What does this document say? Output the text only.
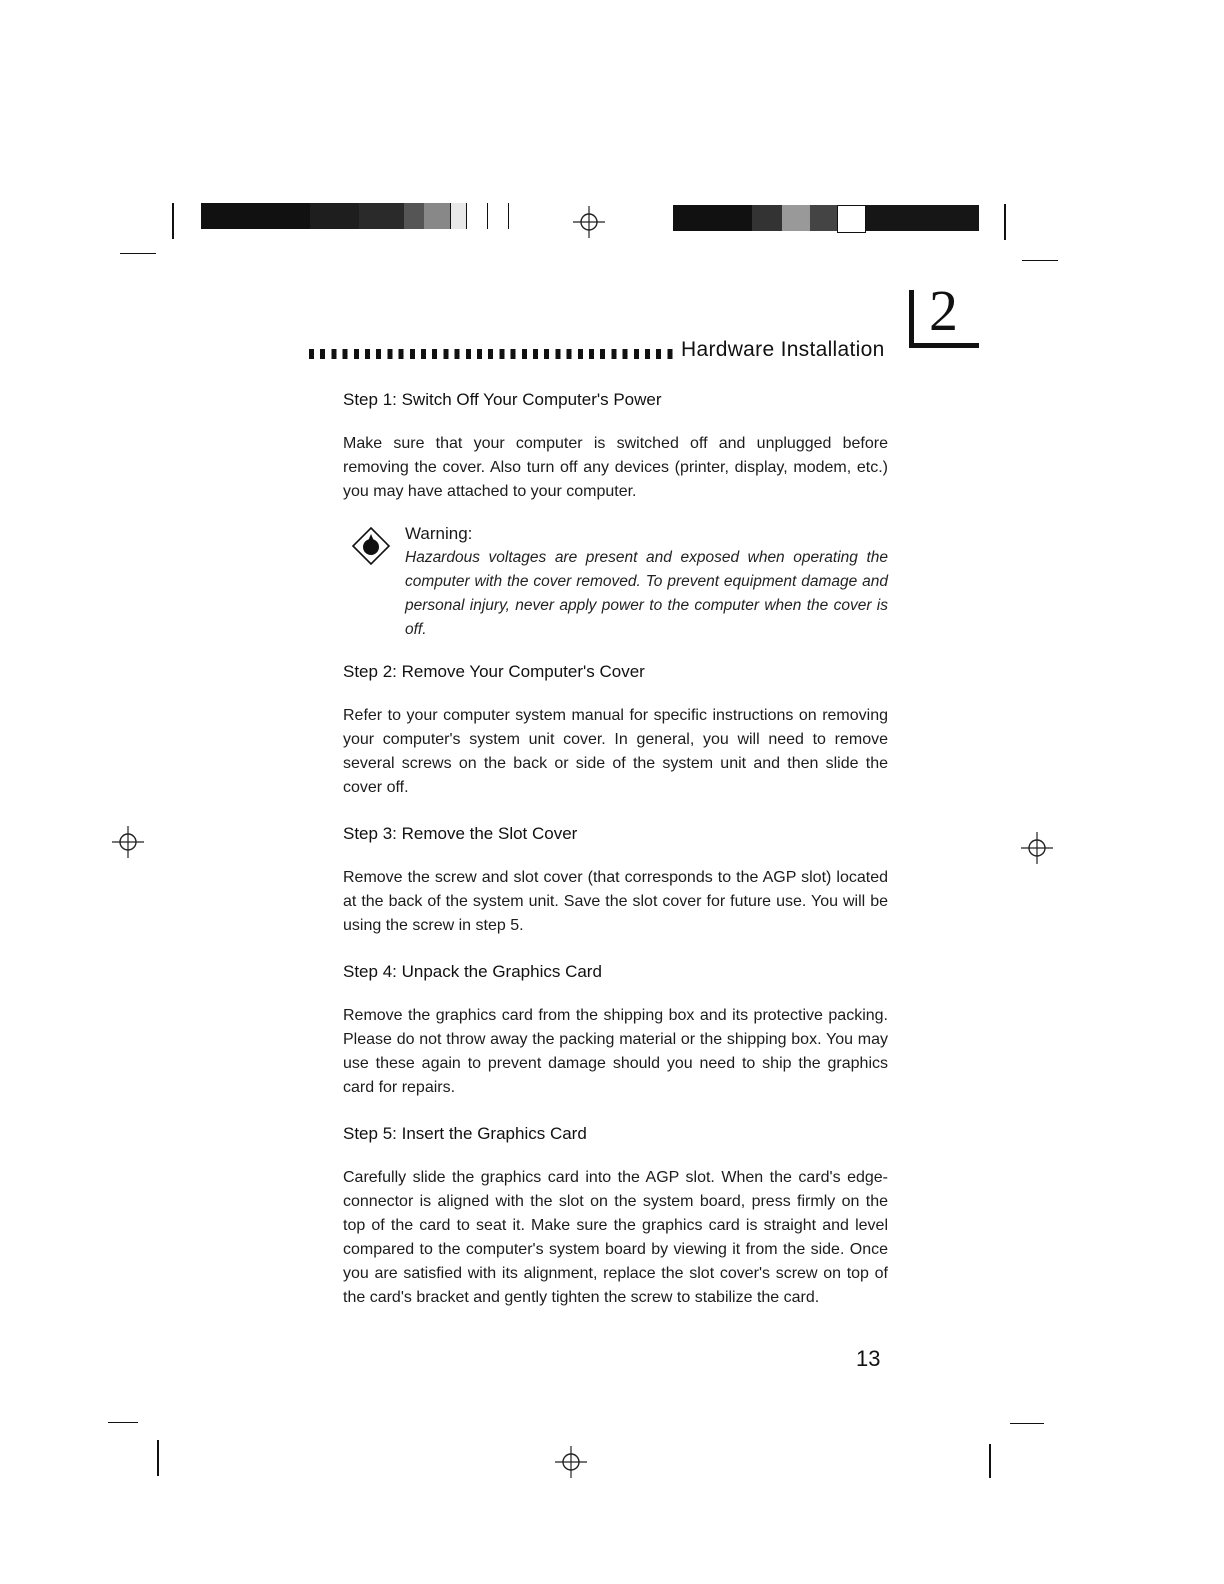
Hardware Installation
2
Step 1: Switch Off Your Computer's Power

Make sure that your computer is switched off and unplugged before removing the cover. Also turn off any devices (printer, display, modem, etc.) you may have attached to your computer.

Warning:

Hazardous voltages are present and exposed when operating the computer with the cover removed. To prevent equipment damage and personal injury, never apply power to the computer when the cover is off.

Step 2: Remove Your Computer's Cover

Refer to your computer system manual for specific instructions on removing your computer's system unit cover. In general, you will need to remove several screws on the back or side of the system unit and then slide the cover off.

Step 3: Remove the Slot Cover

Remove the screw and slot cover (that corresponds to the AGP slot) located at the back of the system unit. Save the slot cover for future use. You will be using the screw in step 5.

Step 4: Unpack the Graphics Card

Remove the graphics card from the shipping box and its protective packing. Please do not throw away the packing material or the shipping box. You may use these again to prevent damage should you need to ship the graphics card for repairs.

Step 5: Insert the Graphics Card

Carefully slide the graphics card into the AGP slot. When the card's edge-connector is aligned with the slot on the system board, press firmly on the top of the card to seat it. Make sure the graphics card is straight and level compared to the computer's system board by viewing it from the side. Once you are satisfied with its alignment, replace the slot cover's screw on top of the card's bracket and gently tighten the screw to stabilize the card.

13
